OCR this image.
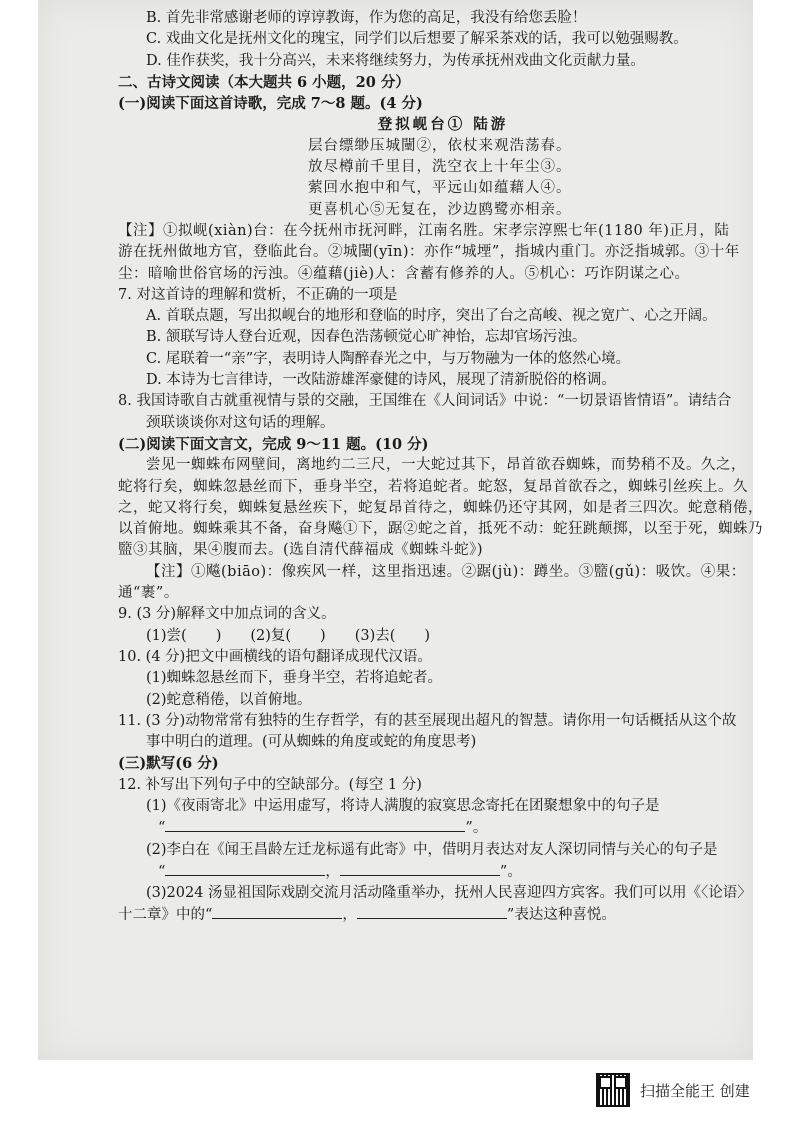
B. 首先非常感谢老师的谆谆教诲，作为您的高足，我没有给您丢脸！

C. 戏曲文化是抚州文化的瑰宝，同学们以后想要了解采茶戏的话，我可以勉强赐教。

D. 佳作获奖，我十分高兴，未来将继续努力，为传承抚州戏曲文化贡献力量。

二、古诗文阅读（本大题共 6 小题，20 分）

(一)阅读下面这首诗歌，完成 7～8 题。(4 分)

登拟岘台① 陆游

层台缥缈压城闉②，依杖来观浩荡春。

放尽樽前千里目，洗空衣上十年尘③。

萦回水抱中和气，平远山如蕴藉人④。

更喜机心⑤无复在，沙边鸥鹭亦相亲。

【注】①拟岘(xiàn)台：在今抚州市抚河畔，江南名胜。宋孝宗淳熙七年(1180 年)正月，陆

游在抚州做地方官，登临此台。②城闉(yīn)：亦作“城堙”，指城内重门。亦泛指城郭。③十年

尘：暗喻世俗官场的污浊。④蕴藉(jiè)人：含蓄有修养的人。⑤机心：巧诈阴谋之心。

7. 对这首诗的理解和赏析，不正确的一项是

A. 首联点题，写出拟岘台的地形和登临的时序，突出了台之高峻、视之宽广、心之开阔。

B. 颔联写诗人登台近观，因春色浩荡顿觉心旷神怡，忘却官场污浊。

C. 尾联着一“亲”字，表明诗人陶醉春光之中，与万物融为一体的悠然心境。

D. 本诗为七言律诗，一改陆游雄浑豪健的诗风，展现了清新脱俗的格调。

8. 我国诗歌自古就重视情与景的交融，王国维在《人间词话》中说：“一切景语皆情语”。请结合

颈联谈谈你对这句话的理解。

(二)阅读下面文言文，完成 9～11 题。(10 分)

尝见一蜘蛛布网壁间，离地约二三尺，一大蛇过其下，昂首欲吞蜘蛛，而势稍不及。久之，

蛇将行矣，蜘蛛忽悬丝而下，垂身半空，若将追蛇者。蛇怒，复昂首欲吞之，蜘蛛引丝疾上。久

之，蛇又将行矣，蜘蛛复悬丝疾下，蛇复昂首待之，蜘蛛仍还守其网，如是者三四次。蛇意稍倦，

以首俯地。蜘蛛乘其不备，奋身飚①下，踞②蛇之首，抵死不动：蛇狂跳颠掷，以至于死，蜘蛛乃

盬③其脑，果④腹而去。(选自清代薛福成《蜘蛛斗蛇》)

【注】①飚(biāo)：像疾风一样，这里指迅速。②踞(jù)：蹲坐。③盬(gǔ)：吸饮。④果：

通“裹”。

9. (3 分)解释文中加点词的含义。

(1)尝(　　)　　(2)复(　　)　　(3)去(　　)

10. (4 分)把文中画横线的语句翻译成现代汉语。

(1)蜘蛛忽悬丝而下，垂身半空，若将追蛇者。

(2)蛇意稍倦，以首俯地。

11. (3 分)动物常常有独特的生存哲学，有的甚至展现出超凡的智慧。请你用一句话概括从这个故

事中明白的道理。(可从蜘蛛的角度或蛇的角度思考)

(三)默写(6 分)

12. 补写出下列句子中的空缺部分。(每空 1 分)

(1)《夜雨寄北》中运用虚写，将诗人满腹的寂寞思念寄托在团聚想象中的句子是

“	”。

(2)李白在《闻王昌龄左迁龙标遥有此寄》中，借明月表达对友人深切同情与关心的句子是

“	，	”。

(3)2024 汤显祖国际戏剧交流月活动隆重举办，抚州人民喜迎四方宾客。我们可以用《〈论语〉

十二章》中的“	，	”表达这种喜悦。

扫描全能王 创建
